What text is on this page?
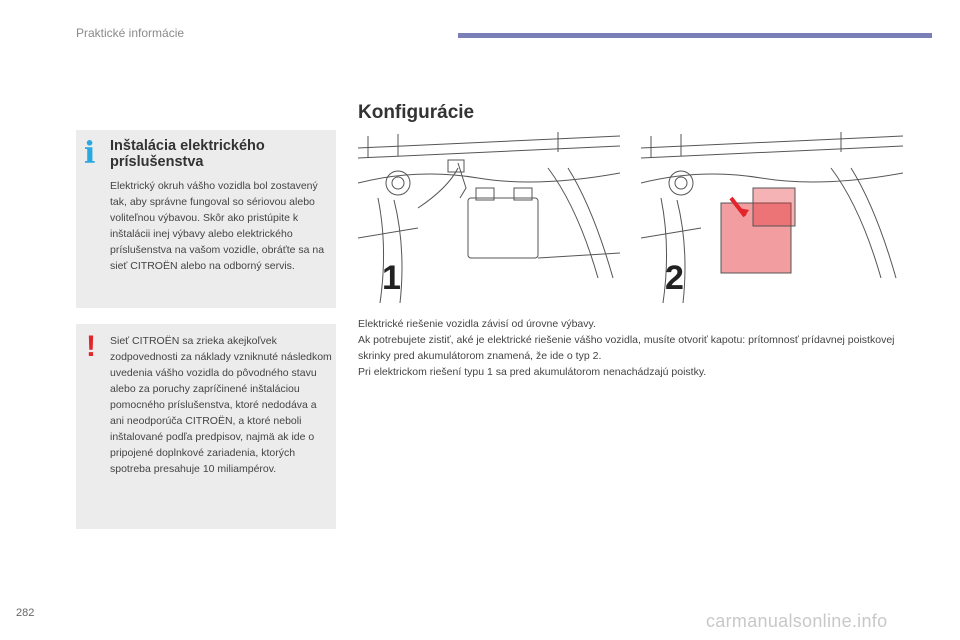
Praktické informácie
i Inštalácia elektrického príslušenstva
Elektrický okruh vášho vozidla bol zostavený tak, aby správne fungoval so sériovou alebo voliteľnou výbavou. Skôr ako pristúpite k inštalácii inej výbavy alebo elektrického príslušenstva na vašom vozidle, obráťte sa na sieť CITROËN alebo na odborný servis.
! Sieť CITROËN sa zrieka akejkoľvek zodpovednosti za náklady vzniknuté následkom uvedenia vášho vozidla do pôvodného stavu alebo za poruchy zapríčinené inštaláciou pomocného príslušenstva, ktoré nedodáva a ani neodporúča CITROËN, a ktoré neboli inštalované podľa predpisov, najmä ak ide o pripojené doplnkové zariadenia, ktorých spotreba presahuje 10 miliampérov.
Konfigurácie
1	2

Elektrické riešenie vozidla závisí od úrovne výbavy.

Ak potrebujete zistiť, aké je elektrické riešenie vášho vozidla, musíte otvoriť kapotu: prítomnosť prídavnej poistkovej skrinky pred akumulátorom znamená, že ide o typ 2.

Pri elektrickom riešení typu 1 sa pred akumulátorom nenachádzajú poistky.

282	carmanualsonline.info
